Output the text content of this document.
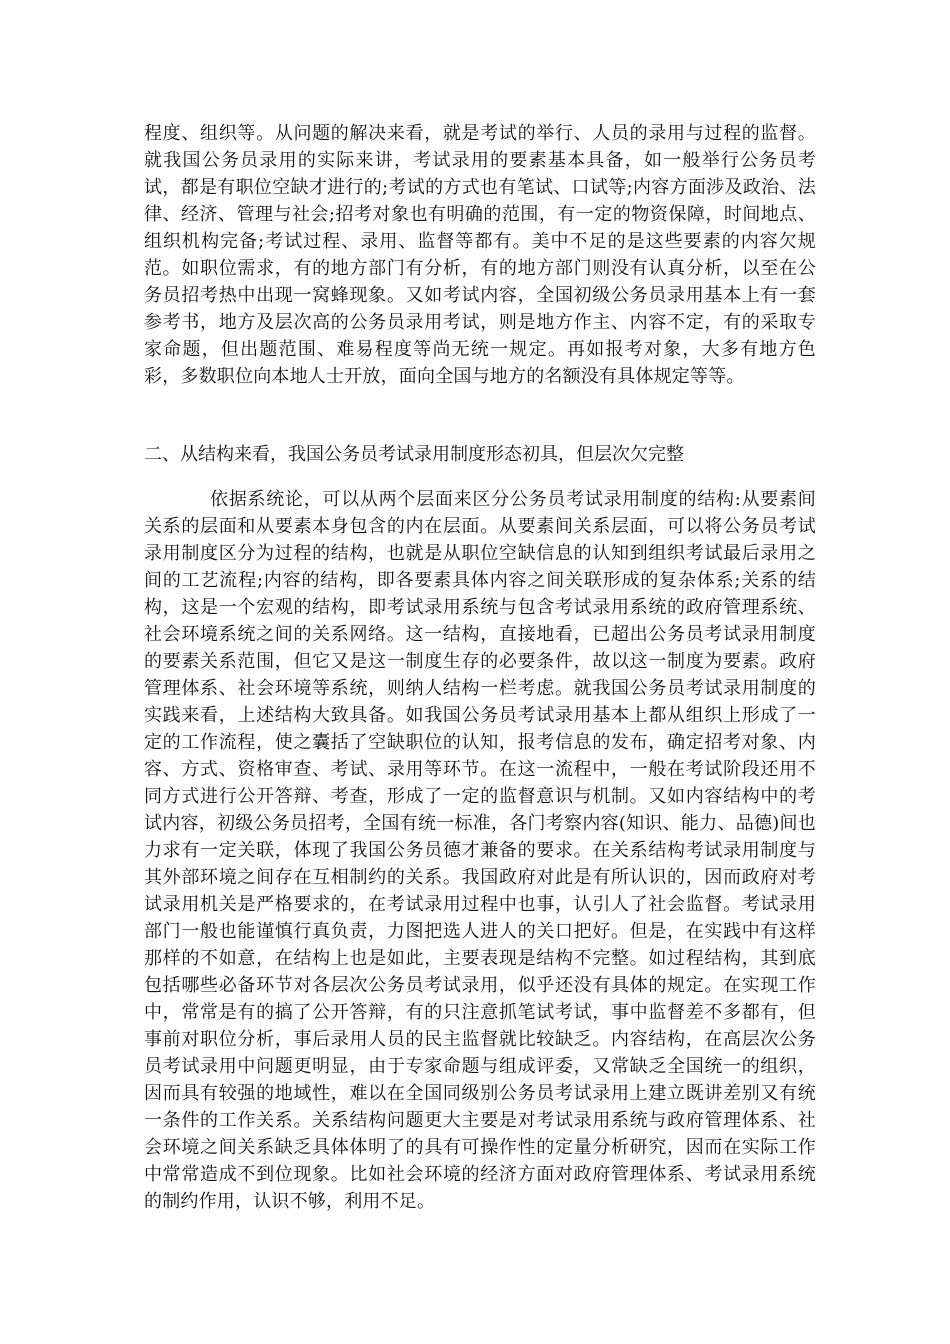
程度、组织等。从问题的解决来看，就是考试的举行、人员的录用与过程的监督。就我国公务员录用的实际来讲，考试录用的要素基本具备，如一般举行公务员考试，都是有职位空缺才进行的;考试的方式也有笔试、口试等;内容方面涉及政治、法律、经济、管理与社会;招考对象也有明确的范围，有一定的物资保障，时间地点、组织机构完备;考试过程、录用、监督等都有。美中不足的是这些要素的内容欠规范。如职位需求，有的地方部门有分析，有的地方部门则没有认真分析，以至在公务员招考热中出现一窝蜂现象。又如考试内容，全国初级公务员录用基本上有一套参考书，地方及层次高的公务员录用考试，则是地方作主、内容不定，有的采取专家命题，但出题范围、难易程度等尚无统一规定。再如报考对象，大多有地方色彩，多数职位向本地人士开放，面向全国与地方的名额没有具体规定等等。

二、从结构来看，我国公务员考试录用制度形态初具，但层次欠完整

依据系统论，可以从两个层面来区分公务员考试录用制度的结构:从要素间关系的层面和从要素本身包含的内在层面。从要素间关系层面，可以将公务员考试录用制度区分为过程的结构，也就是从职位空缺信息的认知到组织考试最后录用之间的工艺流程;内容的结构，即各要素具体内容之间关联形成的复杂体系;关系的结构，这是一个宏观的结构，即考试录用系统与包含考试录用系统的政府管理系统、社会环境系统之间的关系网络。这一结构，直接地看，已超出公务员考试录用制度的要素关系范围，但它又是这一制度生存的必要条件，故以这一制度为要素。政府管理体系、社会环境等系统，则纳人结构一栏考虑。就我国公务员考试录用制度的实践来看，上述结构大致具备。如我国公务员考试录用基本上都从组织上形成了一定的工作流程，使之囊括了空缺职位的认知，报考信息的发布，确定招考对象、内容、方式、资格审查、考试、录用等环节。在这一流程中，一般在考试阶段还用不同方式进行公开答辩、考查，形成了一定的监督意识与机制。又如内容结构中的考试内容，初级公务员招考，全国有统一标准，各门考察内容(知识、能力、品德)间也力求有一定关联，体现了我国公务员德才兼备的要求。在关系结构考试录用制度与其外部环境之间存在互相制约的关系。我国政府对此是有所认识的，因而政府对考试录用机关是严格要求的，在考试录用过程中也事，认引人了社会监督。考试录用部门一般也能谨慎行真负责，力图把选人进人的关口把好。但是，在实践中有这样那样的不如意，在结构上也是如此，主要表现是结构不完整。如过程结构，其到底包括哪些必备环节对各层次公务员考试录用，似乎还没有具体的规定。在实现工作中，常常是有的搞了公开答辩，有的只注意抓笔试考试，事中监督差不多都有，但事前对职位分析，事后录用人员的民主监督就比较缺乏。内容结构，在高层次公务员考试录用中问题更明显，由于专家命题与组成评委，又常缺乏全国统一的组织，因而具有较强的地域性，难以在全国同级别公务员考试录用上建立既讲差别又有统一条件的工作关系。关系结构问题更大主要是对考试录用系统与政府管理体系、社会环境之间关系缺乏具体体明了的具有可操作性的定量分析研究，因而在实际工作中常常造成不到位现象。比如社会环境的经济方面对政府管理体系、考试录用系统的制约作用，认识不够，利用不足。
